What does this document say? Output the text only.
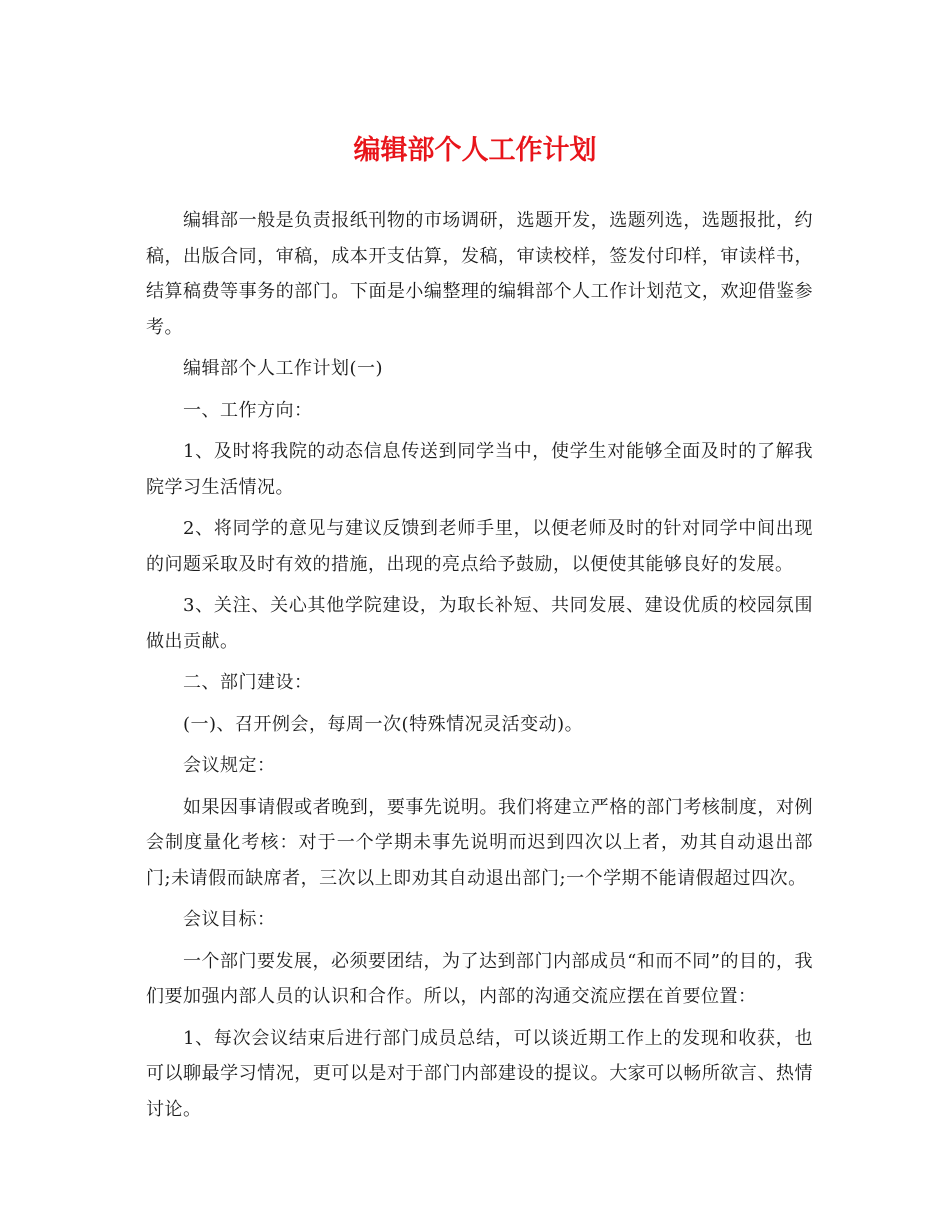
编辑部个人工作计划

编辑部一般是负责报纸刊物的市场调研，选题开发，选题列选，选题报批，约稿，出版合同，审稿，成本开支估算，发稿，审读校样，签发付印样，审读样书，结算稿费等事务的部门。下面是小编整理的编辑部个人工作计划范文，欢迎借鉴参考。

编辑部个人工作计划(一)

一、工作方向：

1、及时将我院的动态信息传送到同学当中，使学生对能够全面及时的了解我院学习生活情况。

2、将同学的意见与建议反馈到老师手里，以便老师及时的针对同学中间出现的问题采取及时有效的措施，出现的亮点给予鼓励，以便使其能够良好的发展。

3、关注、关心其他学院建设，为取长补短、共同发展、建设优质的校园氛围做出贡献。

二、部门建设：

(一)、召开例会，每周一次(特殊情况灵活变动)。

会议规定：

如果因事请假或者晚到，要事先说明。我们将建立严格的部门考核制度，对例会制度量化考核：对于一个学期未事先说明而迟到四次以上者，劝其自动退出部门;未请假而缺席者，三次以上即劝其自动退出部门;一个学期不能请假超过四次。

会议目标：

一个部门要发展，必须要团结，为了达到部门内部成员“和而不同”的目的，我们要加强内部人员的认识和合作。所以，内部的沟通交流应摆在首要位置：

1、每次会议结束后进行部门成员总结，可以谈近期工作上的发现和收获，也可以聊最学习情况，更可以是对于部门内部建设的提议。大家可以畅所欲言、热情讨论。
